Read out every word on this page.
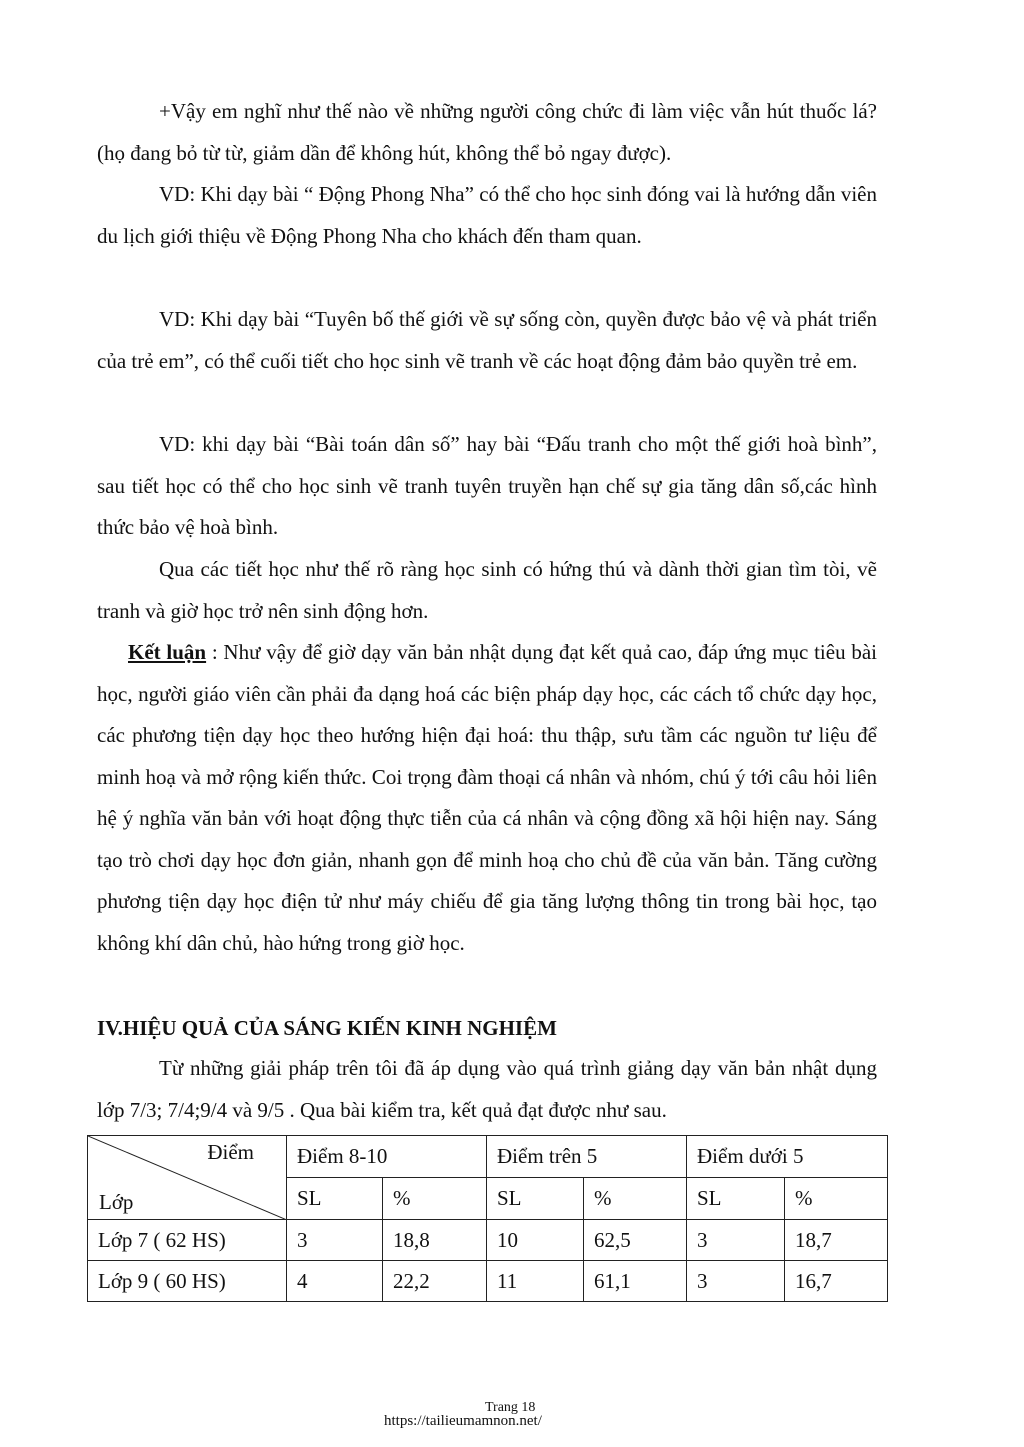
+Vậy em nghĩ như thế nào về những người công chức đi làm việc vẫn hút thuốc lá? (họ đang bỏ từ từ, giảm dần để không hút, không thể bỏ ngay được).

VD: Khi dạy bài “ Động Phong Nha” có thể cho học sinh đóng vai là hướng dẫn viên du lịch giới thiệu về Động Phong Nha cho khách đến tham quan.

VD: Khi dạy bài “Tuyên bố thế giới về sự sống còn, quyền được bảo vệ và phát triển của trẻ em”, có thể cuối tiết cho học sinh vẽ tranh về các hoạt động đảm bảo quyền trẻ em.

VD: khi dạy bài “Bài toán dân số” hay bài “Đấu tranh cho một thế giới hoà bình”, sau tiết học có thể cho học sinh vẽ tranh tuyên truyền hạn chế sự gia tăng dân số,các hình thức bảo vệ hoà bình.

Qua các tiết học như thế rõ ràng học sinh có hứng thú và dành thời gian tìm tòi, vẽ tranh và giờ học trở nên sinh động hơn.

Kết luận : Như vậy để giờ dạy văn bản nhật dụng đạt kết quả cao, đáp ứng mục tiêu bài học, người giáo viên cần phải đa dạng hoá các biện pháp dạy học, các cách tổ chức dạy học, các phương tiện dạy học theo hướng hiện đại hoá: thu thập, sưu tầm các nguồn tư liệu để minh hoạ và mở rộng kiến thức. Coi trọng đàm thoại cá nhân và nhóm, chú ý tới câu hỏi liên hệ ý nghĩa văn bản với hoạt động thực tiễn của cá nhân và cộng đồng xã hội hiện nay. Sáng tạo trò chơi dạy học đơn giản, nhanh gọn để minh hoạ cho chủ đề của văn bản. Tăng cường phương tiện dạy học điện tử như máy chiếu để gia tăng lượng thông tin trong bài học, tạo không khí dân chủ, hào hứng trong giờ học.

IV.HIỆU QUẢ CỦA SÁNG KIẾN KINH NGHIỆM

Từ những giải pháp trên tôi đã áp dụng vào quá trình giảng dạy văn bản nhật dụng lớp 7/3; 7/4;9/4 và 9/5 . Qua bài kiểm tra, kết quả đạt được như sau.

Điểm
Lớp	Điểm 8-10		Điểm trên 5		Điểm dưới 5	
	SL	%	SL	%	SL	%
Lớp 7 ( 62 HS)	3	18,8	10	62,5	3	18,7
Lớp 9 ( 60 HS)	4	22,2	11	61,1	3	16,7
Trang 18
https://tailieumamnon.net/
